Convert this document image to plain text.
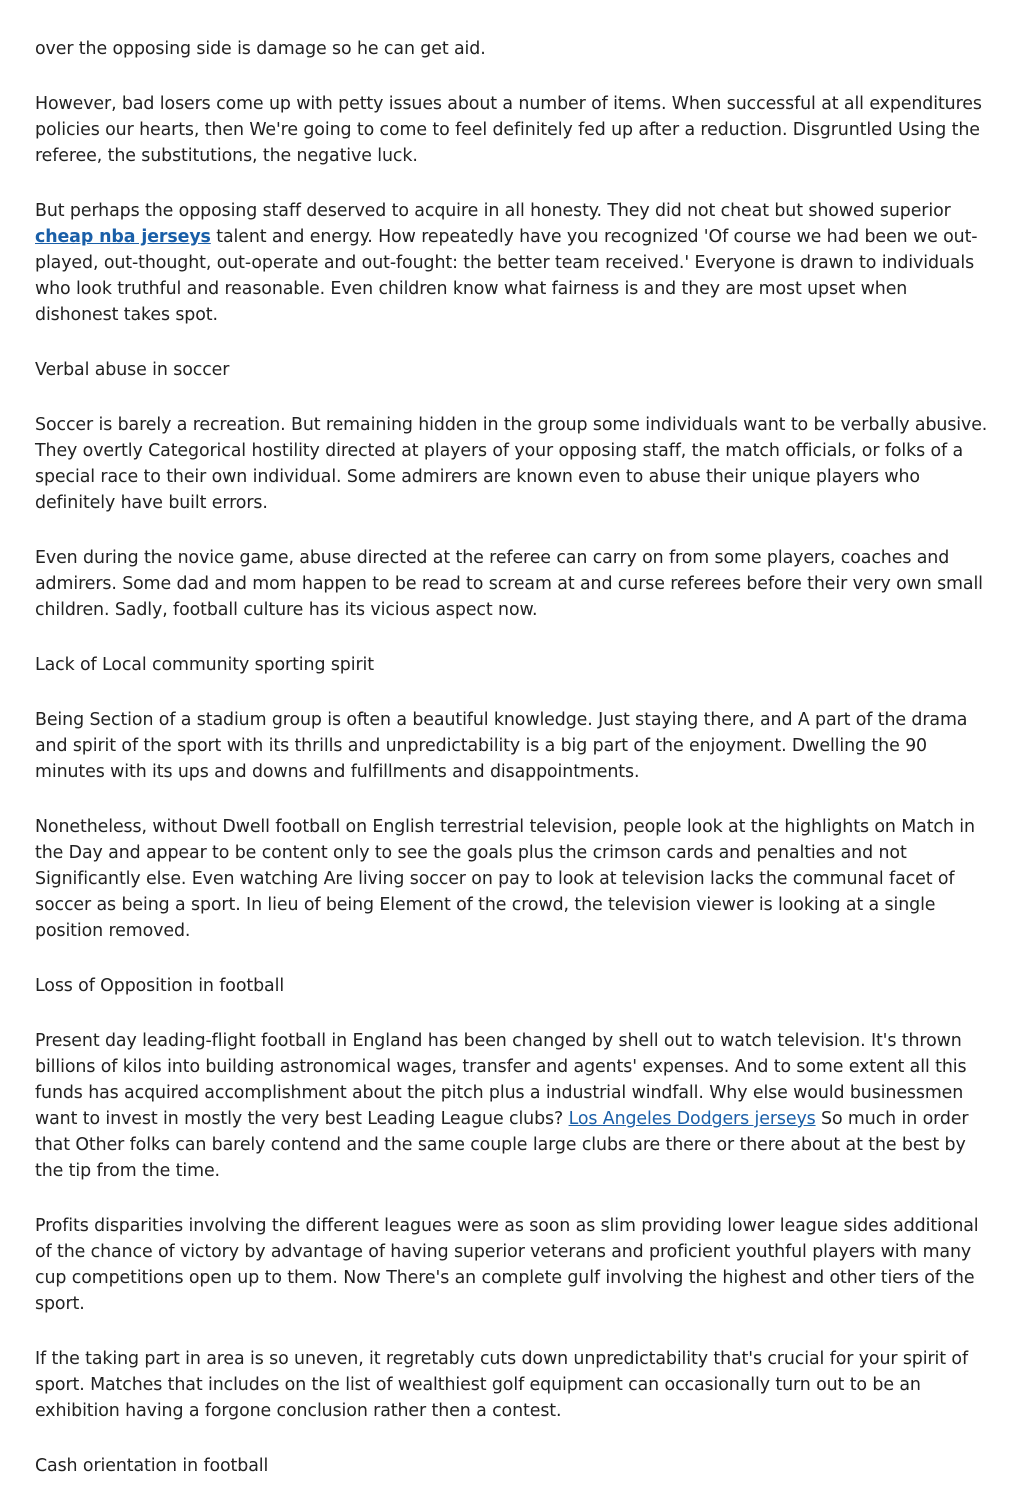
over the opposing side is damage so he can get aid.

However, bad losers come up with petty issues about a number of items. When successful at all expenditures policies our hearts, then We're going to come to feel definitely fed up after a reduction. Disgruntled Using the referee, the substitutions, the negative luck.

But perhaps the opposing staff deserved to acquire in all honesty. They did not cheat but showed superior cheap nba jerseys talent and energy. How repeatedly have you recognized 'Of course we had been we out-played, out-thought, out-operate and out-fought: the better team received.' Everyone is drawn to individuals who look truthful and reasonable. Even children know what fairness is and they are most upset when dishonest takes spot.

Verbal abuse in soccer

Soccer is barely a recreation. But remaining hidden in the group some individuals want to be verbally abusive. They overtly Categorical hostility directed at players of your opposing staff, the match officials, or folks of a special race to their own individual. Some admirers are known even to abuse their unique players who definitely have built errors.

Even during the novice game, abuse directed at the referee can carry on from some players, coaches and admirers. Some dad and mom happen to be read to scream at and curse referees before their very own small children. Sadly, football culture has its vicious aspect now.

Lack of Local community sporting spirit

Being Section of a stadium group is often a beautiful knowledge. Just staying there, and A part of the drama and spirit of the sport with its thrills and unpredictability is a big part of the enjoyment. Dwelling the 90 minutes with its ups and downs and fulfillments and disappointments.

Nonetheless, without Dwell football on English terrestrial television, people look at the highlights on Match in the Day and appear to be content only to see the goals plus the crimson cards and penalties and not Significantly else. Even watching Are living soccer on pay to look at television lacks the communal facet of soccer as being a sport. In lieu of being Element of the crowd, the television viewer is looking at a single position removed.

Loss of Opposition in football

Present day leading-flight football in England has been changed by shell out to watch television. It's thrown billions of kilos into building astronomical wages, transfer and agents' expenses. And to some extent all this funds has acquired accomplishment about the pitch plus a industrial windfall. Why else would businessmen want to invest in mostly the very best Leading League clubs? Los Angeles Dodgers jerseys So much in order that Other folks can barely contend and the same couple large clubs are there or there about at the best by the tip from the time.

Profits disparities involving the different leagues were as soon as slim providing lower league sides additional of the chance of victory by advantage of having superior veterans and proficient youthful players with many cup competitions open up to them. Now There's an complete gulf involving the highest and other tiers of the sport.

If the taking part in area is so uneven, it regretably cuts down unpredictability that's crucial for your spirit of sport. Matches that includes on the list of wealthiest golf equipment can occasionally turn out to be an exhibition having a forgone conclusion rather then a contest.

Cash orientation in football
